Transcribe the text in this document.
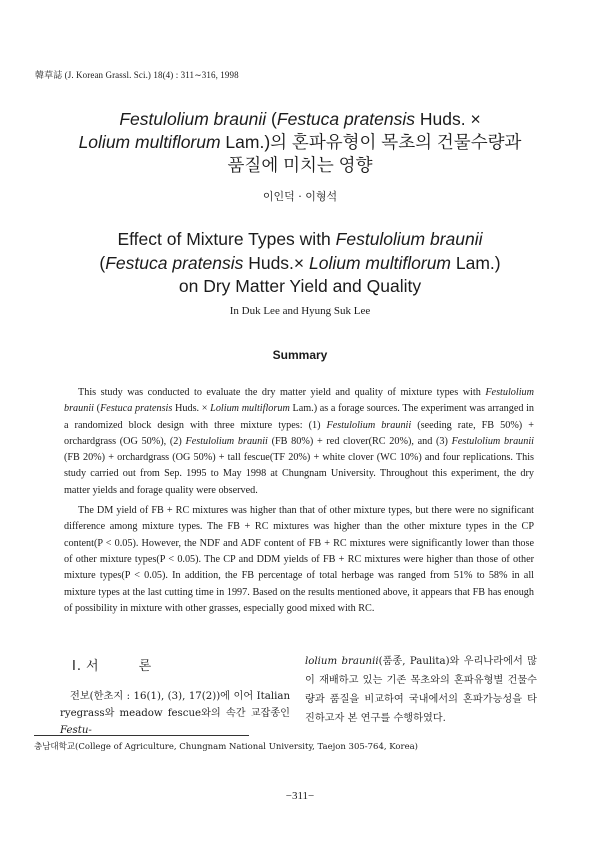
韓草誌 (J. Korean Grassl. Sci.) 18(4) : 311∼316, 1998
Festulolium braunii (Festuca pratensis Huds. ×
Lolium multiflorum Lam.)의 혼파유형이 목초의 건물수량과
품질에 미치는 영향
이인덕 · 이형석
Effect of Mixture Types with Festulolium braunii
(Festuca pratensis Huds.× Lolium multiflorum Lam.)
on Dry Matter Yield and Quality
In Duk Lee and Hyung Suk Lee
Summary

This study was conducted to evaluate the dry matter yield and quality of mixture types with Festulolium braunii (Festuca pratensis Huds. × Lolium multiflorum Lam.) as a forage sources. The experiment was arranged in a randomized block design with three mixture types: (1) Festulolium braunii (seeding rate, FB 50%) + orchardgrass (OG 50%), (2) Festulolium braunii (FB 80%) + red clover(RC 20%), and (3) Festulolium braunii (FB 20%) + orchardgrass (OG 50%) + tall fescue(TF 20%) + white clover (WC 10%) and four replications. This study carried out from Sep. 1995 to May 1998 at Chungnam University. Throughout this experiment, the dry matter yields and forage quality were observed.

The DM yield of FB + RC mixtures was higher than that of other mixture types, but there were no significant difference among mixture types. The FB + RC mixtures was higher than the other mixture types in the CP content(P < 0.05). However, the NDF and ADF content of FB + RC mixtures were significantly lower than those of other mixture types(P < 0.05). The CP and DDM yields of FB + RC mixtures were higher than those of other mixture types(P < 0.05). In addition, the FB percentage of total herbage was ranged from 51% to 58% in all mixture types at the last cutting time in 1997. Based on the results mentioned above, it appears that FB has enough of possibility in mixture with other grasses, especially good mixed with RC.

I. 서 론

전보(한초지 : 16(1), (3), 17(2))에 이어 Italian ryegrass와 meadow fescue와의 속간 교잡종인 Festu-

lolium braunii(품종, Paulita)와 우리나라에서 많이 재배하고 있는 기존 목초와의 혼파유형별 건물수량과 품질을 비교하여 국내에서의 혼파가능성을 타진하고자 본 연구를 수행하였다.

충남대학교(College of Agriculture, Chungnam National University, Taejon 305-764, Korea)
−311−
